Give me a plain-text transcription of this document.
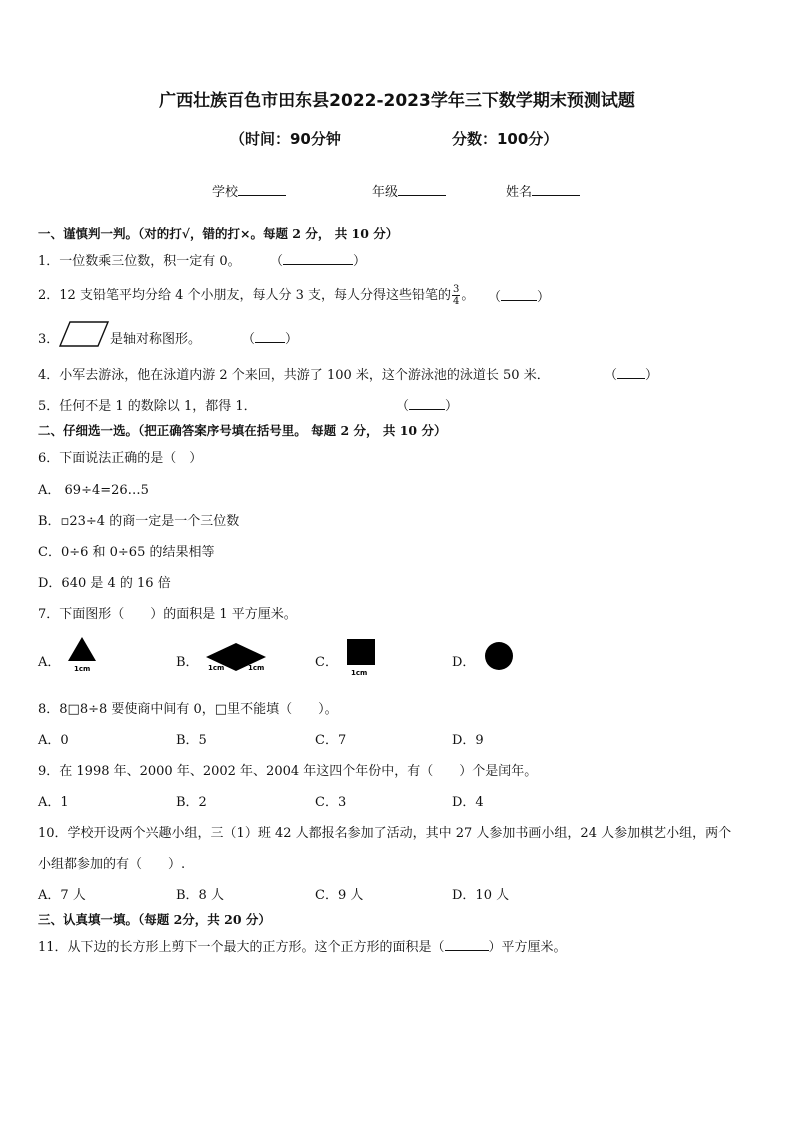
广西壮族百色市田东县2022-2023学年三下数学期末预测试题
（时间：90分钟	分数：100分）
学校	年级	姓名
一、谨慎判一判。（对的打√，错的打×。每题 2 分， 共 10 分）
1．一位数乘三位数，积一定有 0。 （	）
2．12 支铅笔平均分给 4 个小朋友，每人分 3 支，每人分得这些铅笔的 $\frac{3}{4}$ 。 （	）
3．	是轴对称图形。	（ ）
4．小军去游泳，他在泳道内游 2 个来回，共游了 100 米，这个游泳池的泳道长 50 米．	（ ）
5．任何不是 1 的数除以 1，都得 1．	（	）
二、仔细选一选。（把正确答案序号填在括号里。 每题 2 分， 共 10 分）
6．下面说法正确的是（　）
A． 69÷4=26…5
B．▫23÷4 的商一定是一个三位数
C．0÷6 和 0÷65 的结果相等
D．640 是 4 的 16 倍
7．下面图形（　　）的面积是 1 平方厘米。
A． 1cm	B． 1cm	1cm	C．
1cm
D．
8．8□8÷8 要使商中间有 0，□里不能填（　　）。
A．0	B．5	C．7	D．9
9．在 1998 年、2000 年、2002 年、2004 年这四个年份中，有（　　）个是闰年。
A．1	B．2	C．3	D．4
10．学校开设两个兴趣小组，三（1）班 42 人都报名参加了活动，其中 27 人参加书画小组，24 人参加棋艺小组，两个
小组都参加的有（　　）.
A．7 人	B．8 人	C．9 人	D．10 人
三、认真填一填。（每题 2分，共 20 分）
11．从下边的长方形上剪下一个最大的正方形。这个正方形的面积是（	）平方厘米。
